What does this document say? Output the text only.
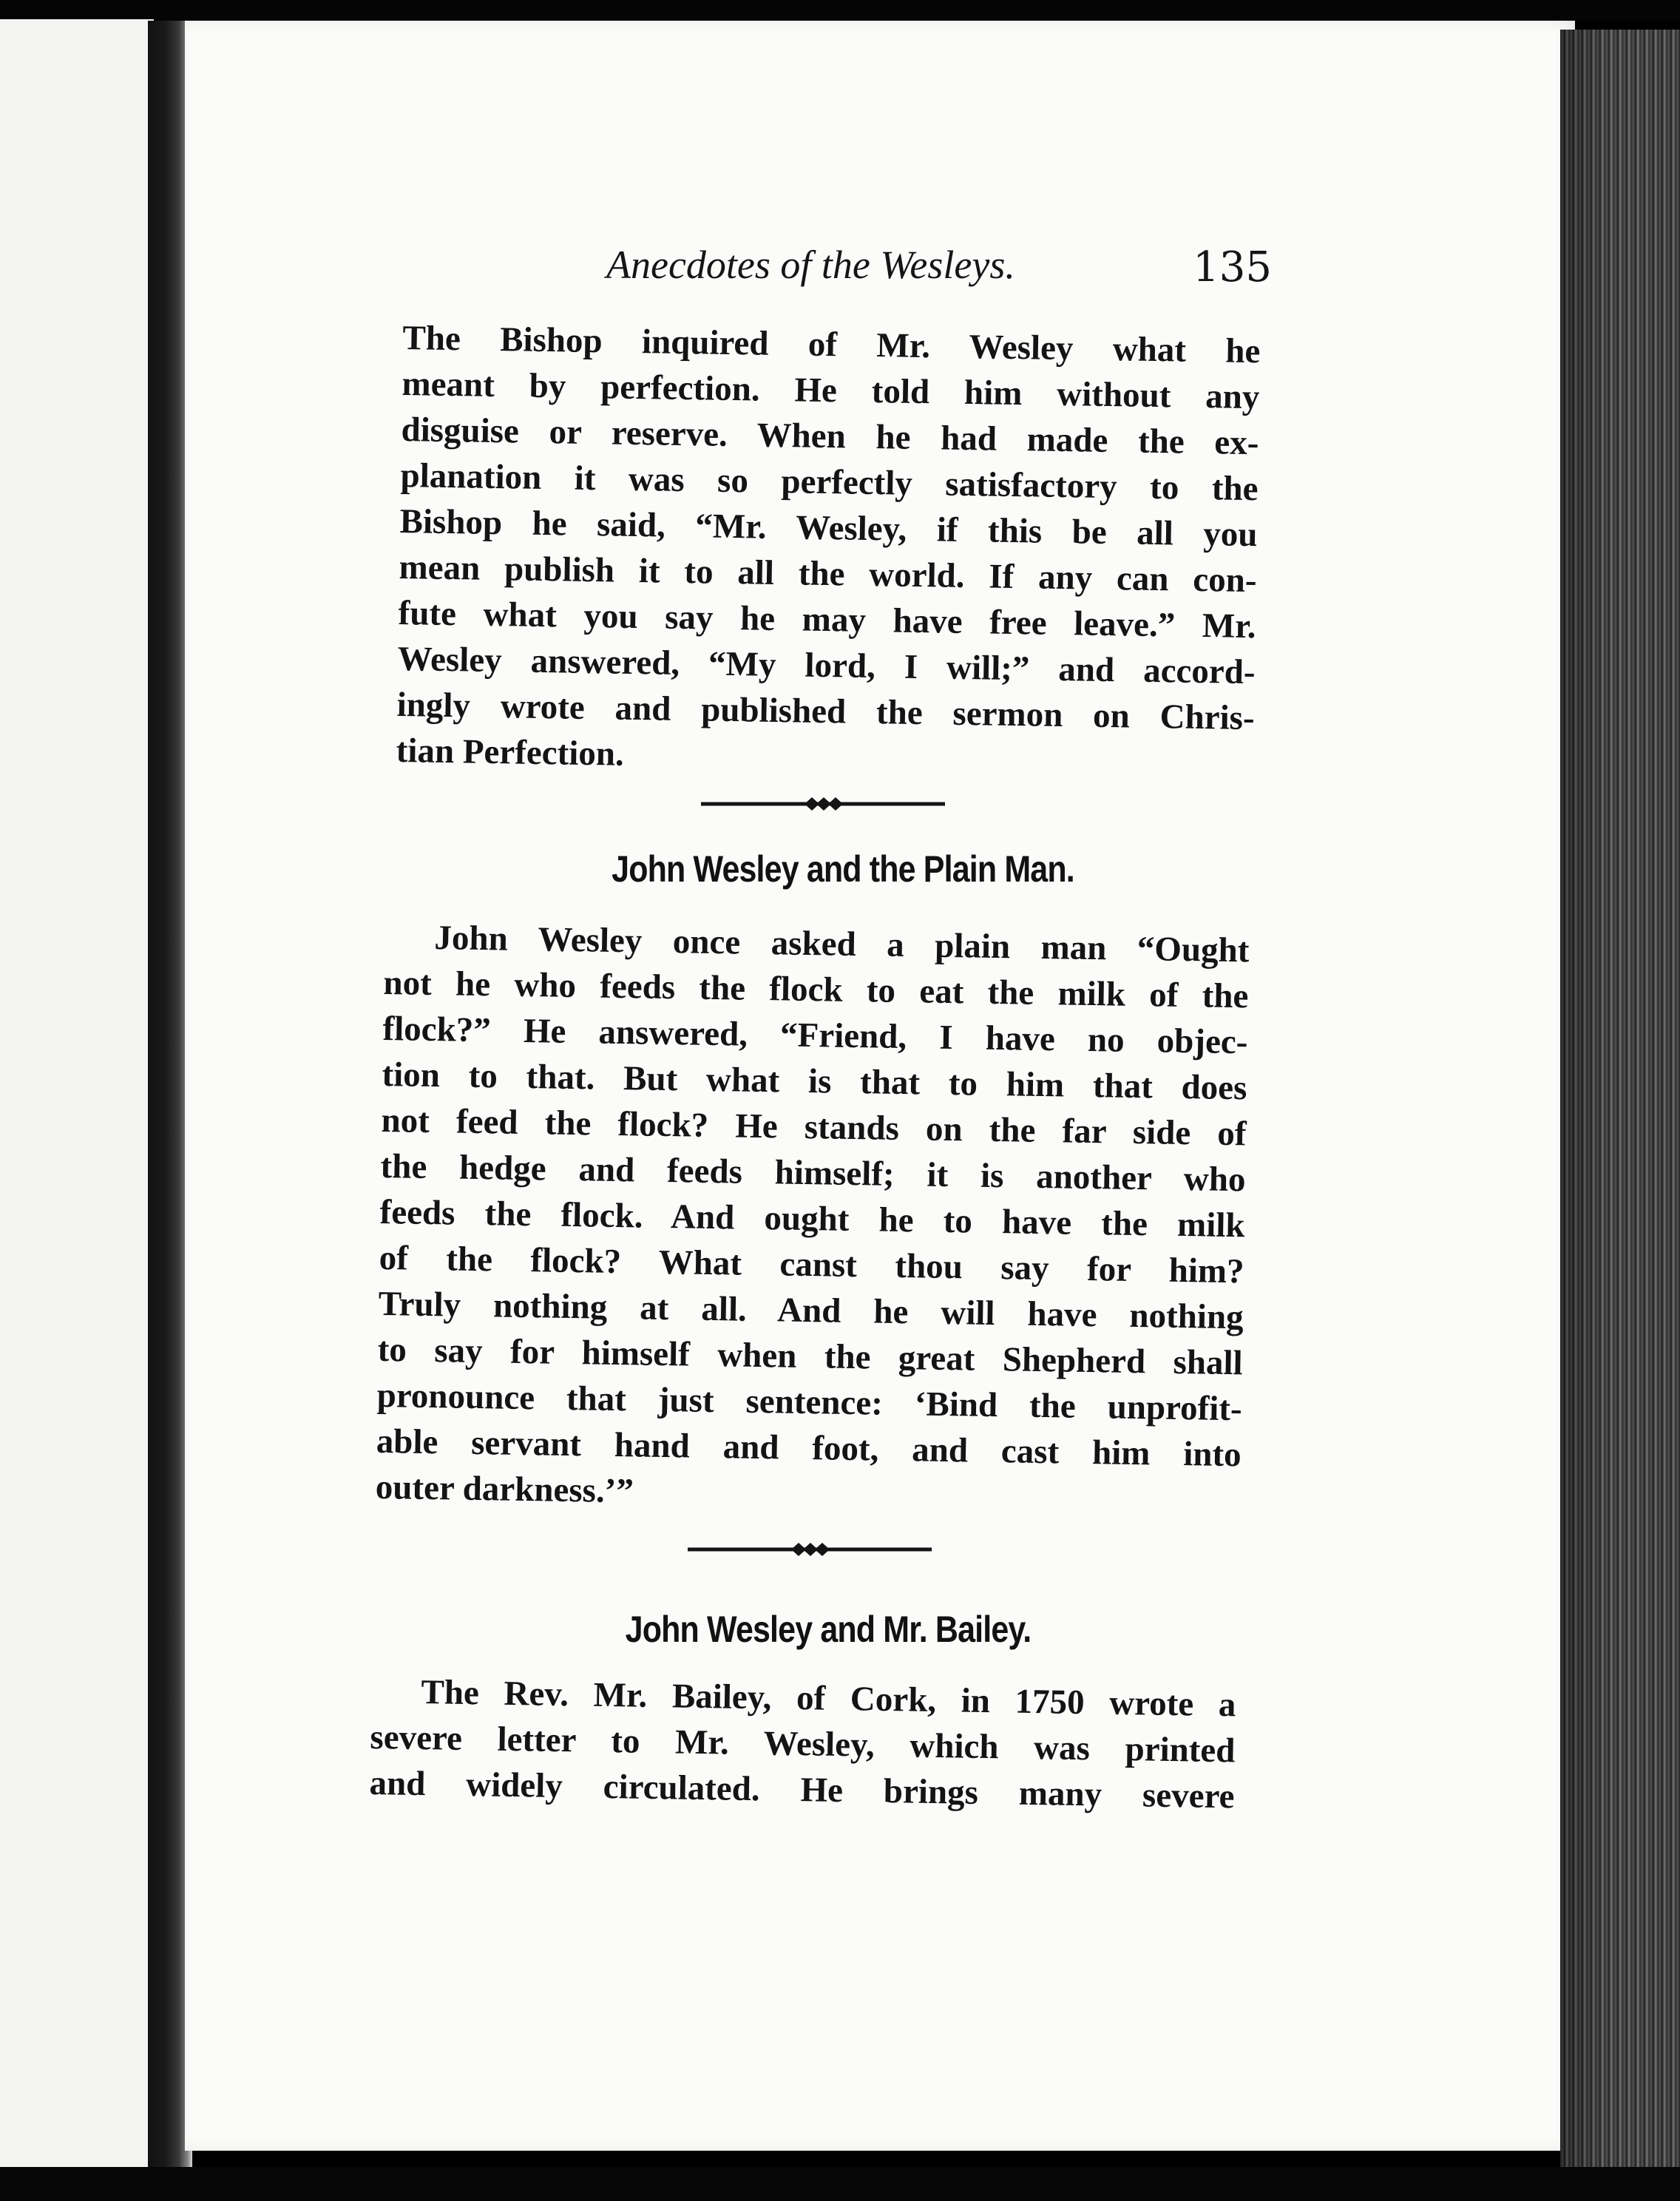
Anecdotes of the Wesleys.	135
The Bishop inquired of Mr. Wesley what he
meant by perfection. He told him without any
disguise or reserve. When he had made the ex-
planation it was so perfectly satisfactory to the
Bishop he said, “Mr. Wesley, if this be all you
mean publish it to all the world. If any can con-
fute what you say he may have free leave.” Mr.
Wesley answered, “My lord, I will;” and accord-
ingly wrote and published the sermon on Chris-
tian Perfection.
John Wesley and the Plain Man.
John Wesley once asked a plain man “Ought
not he who feeds the flock to eat the milk of the
flock?” He answered, “Friend, I have no objec-
tion to that. But what is that to him that does
not feed the flock? He stands on the far side of
the hedge and feeds himself; it is another who
feeds the flock. And ought he to have the milk
of the flock? What canst thou say for him?
Truly nothing at all. And he will have nothing
to say for himself when the great Shepherd shall
pronounce that just sentence: ‘Bind the unprofit-
able servant hand and foot, and cast him into
outer darkness.’”
John Wesley and Mr. Bailey.
The Rev. Mr. Bailey, of Cork, in 1750 wrote a
severe letter to Mr. Wesley, which was printed
and widely circulated. He brings many severe
